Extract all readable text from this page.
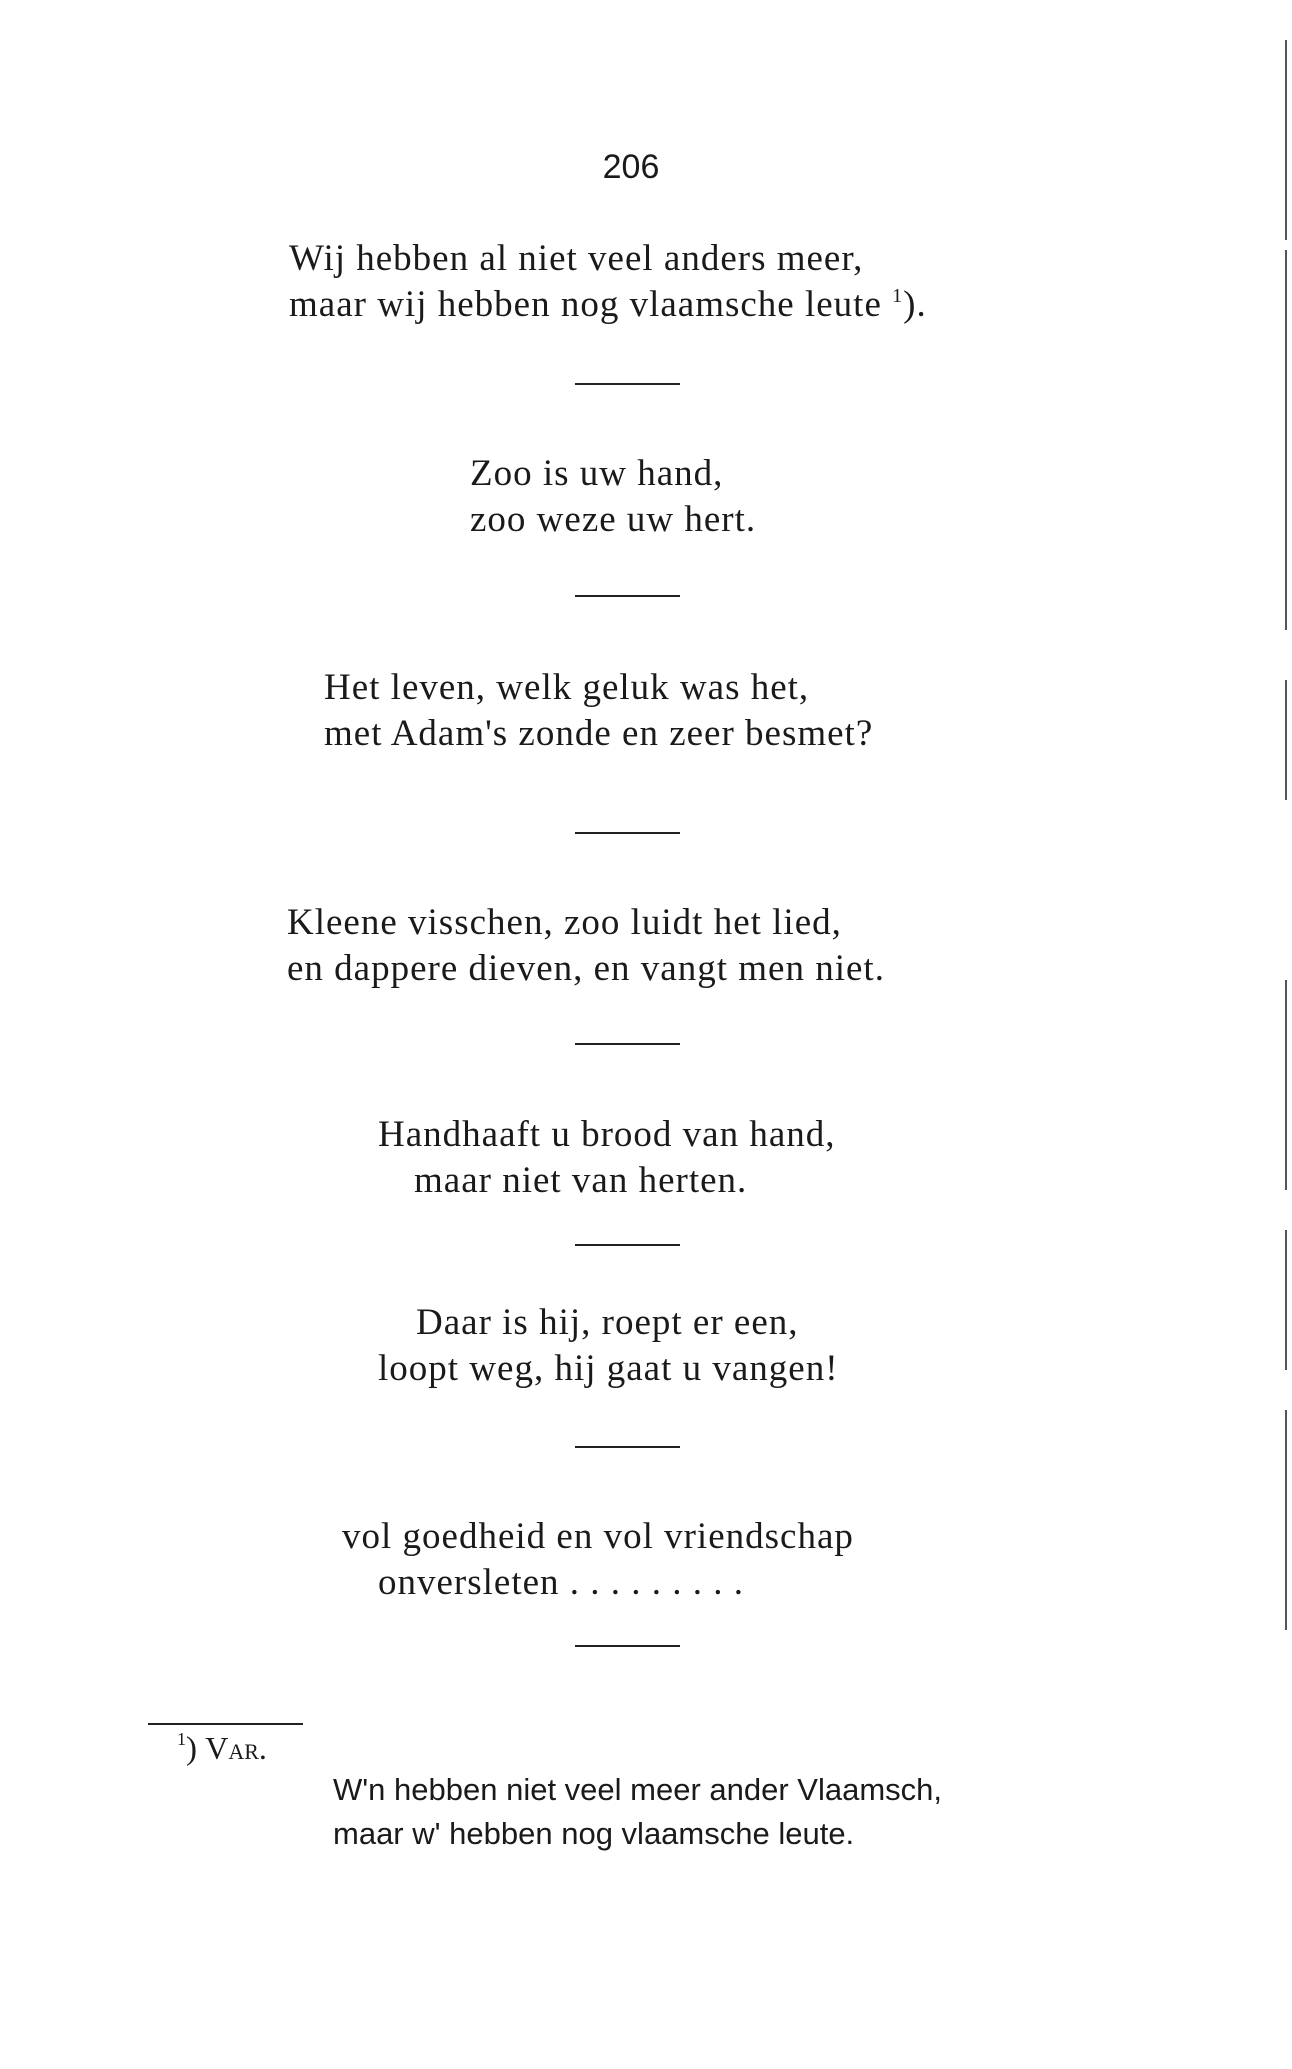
206
Wij hebben al niet veel anders meer,
maar wij hebben nog vlaamsche leute $^1$).
Zoo is uw hand,
zoo weze uw hert.
Het leven, welk geluk was het,
met Adam's zonde en zeer besmet?
Kleene visschen, zoo luidt het lied,
en dappere dieven, en vangt men niet.
Handhaaft u brood van hand,
maar niet van herten.
Daar is hij, roept er een,
loopt weg, hij gaat u vangen!
vol goedheid en vol vriendschap
onversleten . . . . . . . . .
$^1$) Var.
W'n hebben niet veel meer ander Vlaamsch,
maar w' hebben nog vlaamsche leute.
